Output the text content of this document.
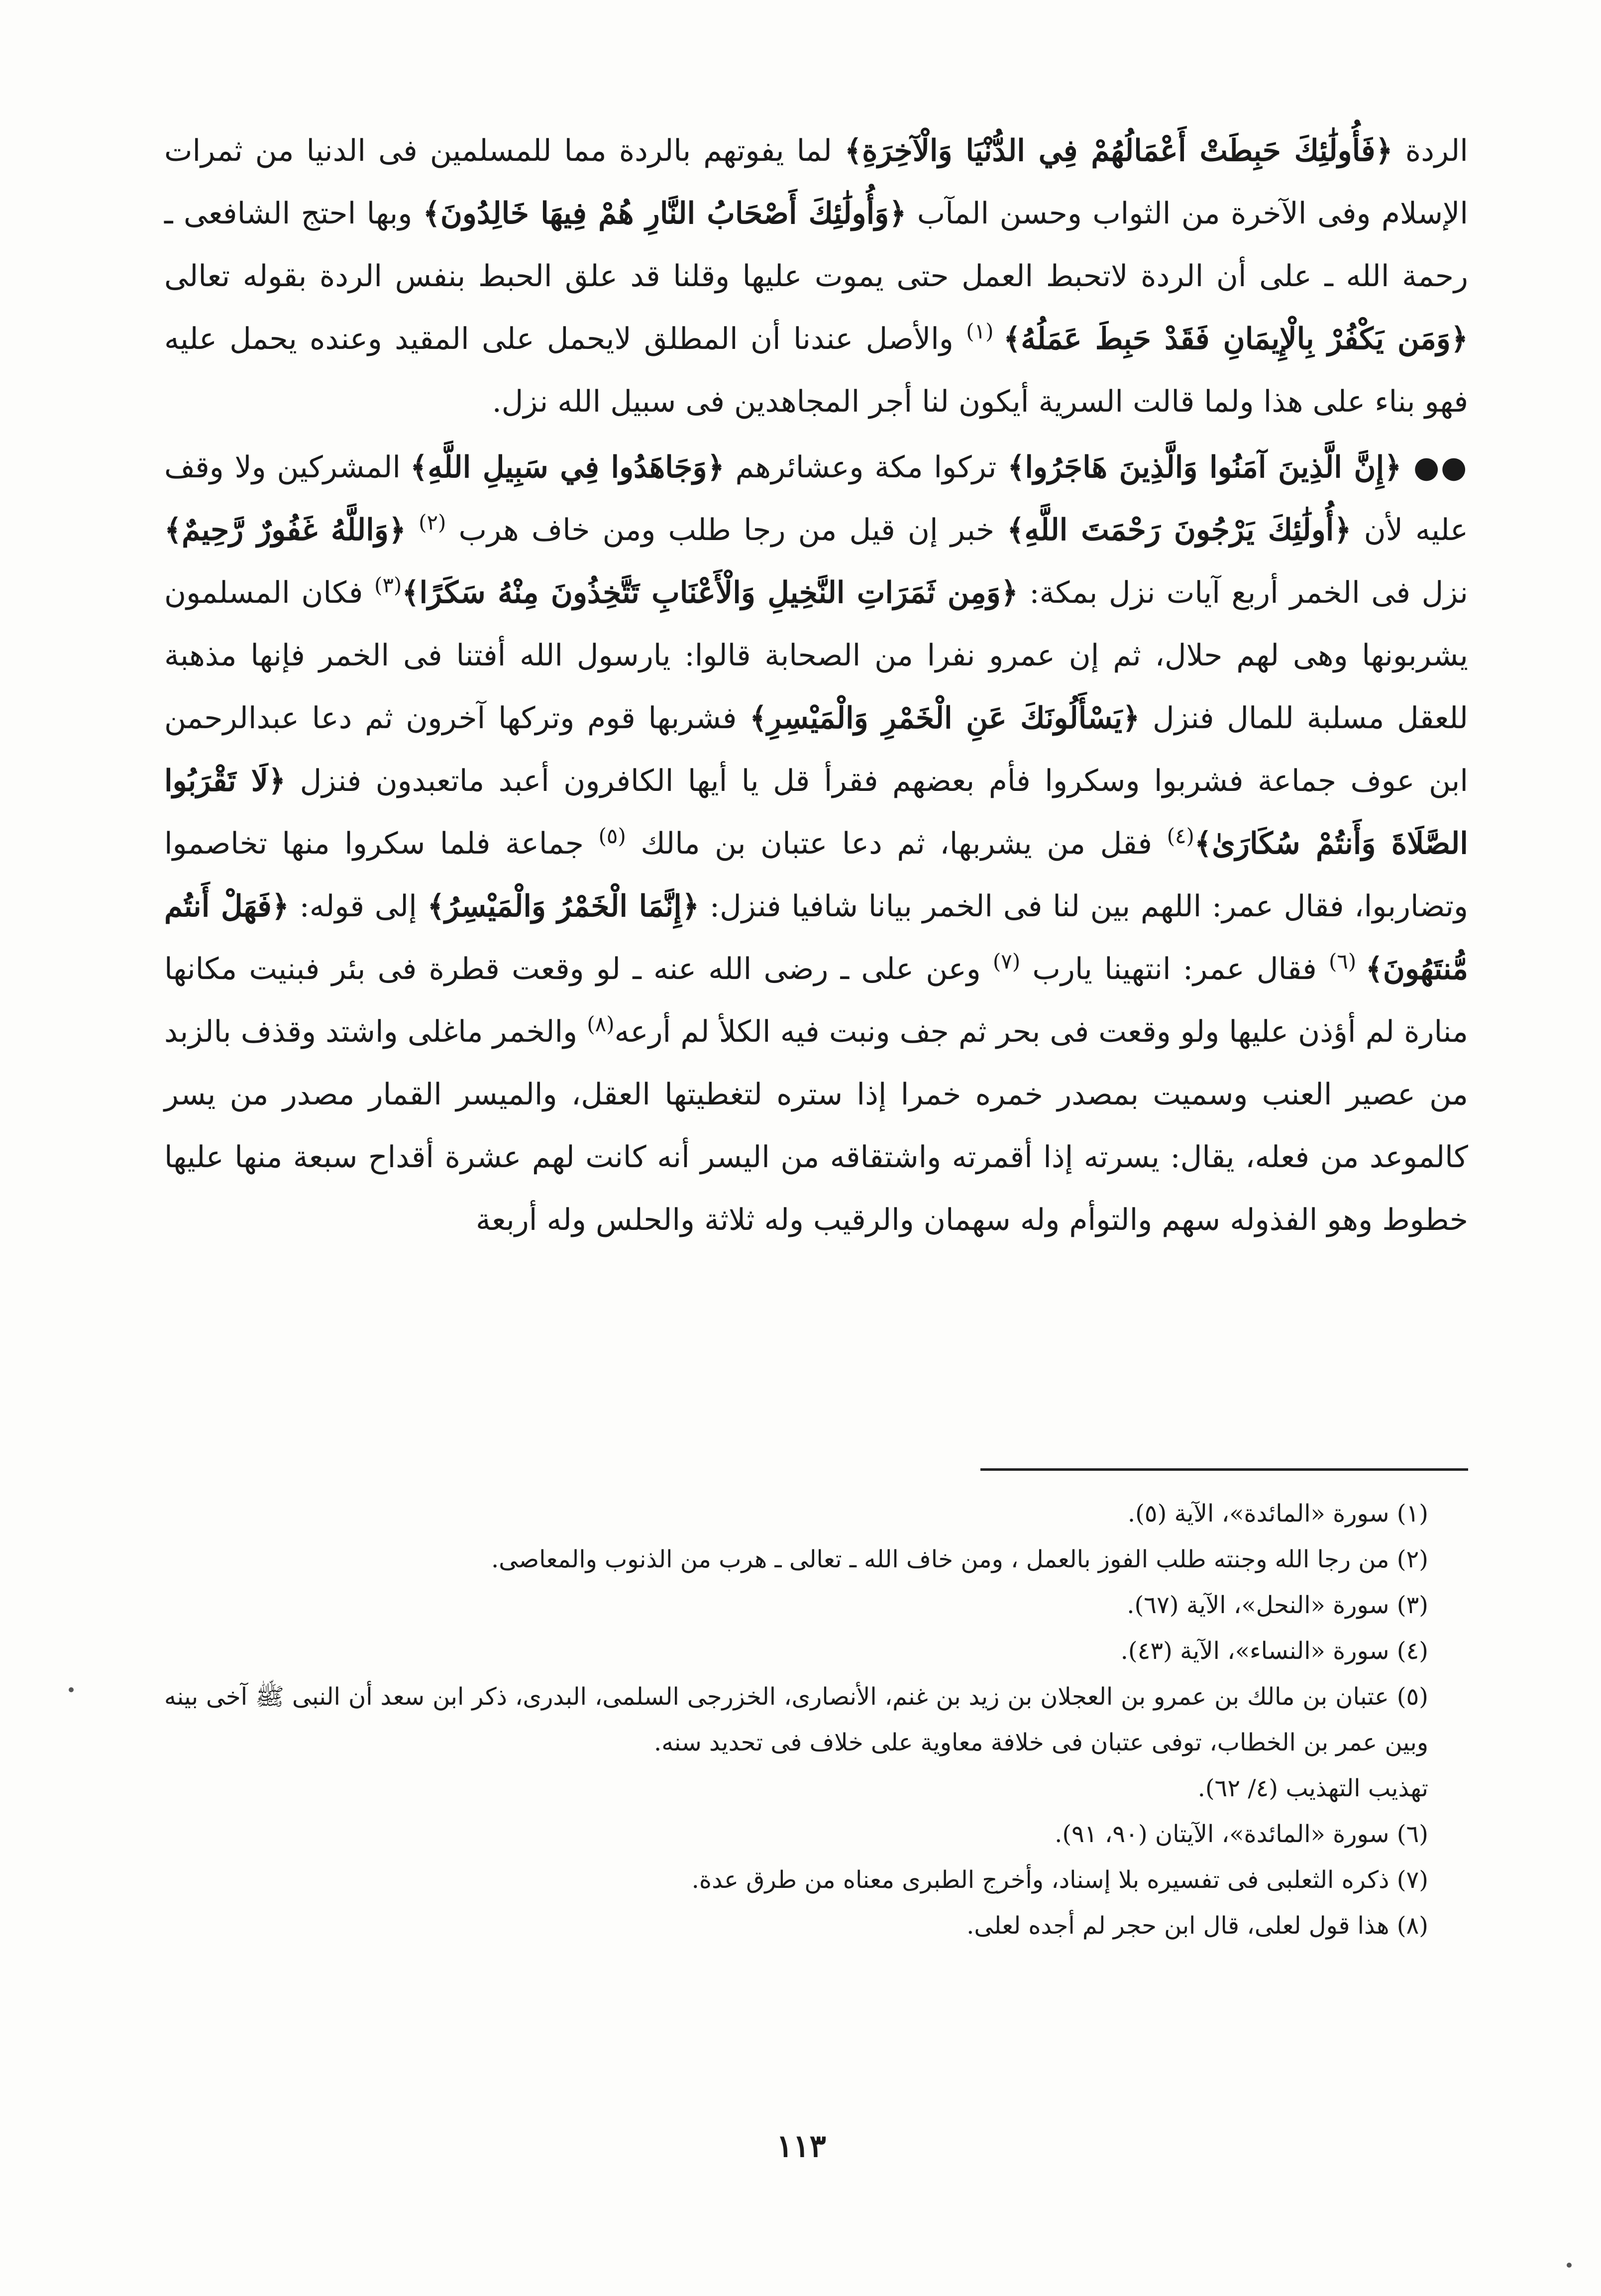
الردة ﴿فَأُولَٰئِكَ حَبِطَتْ أَعْمَالُهُمْ فِي الدُّنْيَا وَالْآخِرَةِ﴾ لما يفوتهم بالردة مما للمسلمين فى الدنيا من ثمرات الإسلام وفى الآخرة من الثواب وحسن المآب ﴿وَأُولَٰئِكَ أَصْحَابُ النَّارِ هُمْ فِيهَا خَالِدُونَ﴾ وبها احتج الشافعى ـ رحمة الله ـ على أن الردة لاتحبط العمل حتى يموت عليها وقلنا قد علق الحبط بنفس الردة بقوله تعالى ﴿وَمَن يَكْفُرْ بِالْإِيمَانِ فَقَدْ حَبِطَ عَمَلُهُ﴾ $^{(١)}$ والأصل عندنا أن المطلق لايحمل على المقيد وعنده يحمل عليه فهو بناء على هذا ولما قالت السرية أيكون لنا أجر المجاهدين فى سبيل الله نزل.

●● ﴿إِنَّ الَّذِينَ آمَنُوا وَالَّذِينَ هَاجَرُوا﴾ تركوا مكة وعشائرهم ﴿وَجَاهَدُوا فِي سَبِيلِ اللَّهِ﴾ المشركين ولا وقف عليه لأن ﴿أُولَٰئِكَ يَرْجُونَ رَحْمَتَ اللَّهِ﴾ خبر إن قيل من رجا طلب ومن خاف هرب $^{(٢)}$ ﴿وَاللَّهُ غَفُورٌ رَّحِيمٌ﴾ نزل فى الخمر أربع آيات نزل بمكة: ﴿وَمِن ثَمَرَاتِ النَّخِيلِ وَالْأَعْنَابِ تَتَّخِذُونَ مِنْهُ سَكَرًا﴾$^{(٣)}$ فكان المسلمون يشربونها وهى لهم حلال، ثم إن عمرو نفرا من الصحابة قالوا: يارسول الله أفتنا فى الخمر فإنها مذهبة للعقل مسلبة للمال فنزل ﴿يَسْأَلُونَكَ عَنِ الْخَمْرِ وَالْمَيْسِرِ﴾ فشربها قوم وتركها آخرون ثم دعا عبدالرحمن ابن عوف جماعة فشربوا وسكروا فأم بعضهم فقرأ قل يا أيها الكافرون أعبد ماتعبدون فنزل ﴿لَا تَقْرَبُوا الصَّلَاةَ وَأَنتُمْ سُكَارَىٰ﴾$^{(٤)}$ فقل من يشربها، ثم دعا عتبان بن مالك $^{(٥)}$ جماعة فلما سكروا منها تخاصموا وتضاربوا، فقال عمر: اللهم بين لنا فى الخمر بيانا شافيا فنزل: ﴿إِنَّمَا الْخَمْرُ وَالْمَيْسِرُ﴾ إلى قوله: ﴿فَهَلْ أَنتُم مُّنتَهُونَ﴾ $^{(٦)}$ فقال عمر: انتهينا يارب $^{(٧)}$ وعن على ـ رضى الله عنه ـ لو وقعت قطرة فى بئر فبنيت مكانها منارة لم أؤذن عليها ولو وقعت فى بحر ثم جف ونبت فيه الكلأ لم أرعه$^{(٨)}$ والخمر ماغلى واشتد وقذف بالزبد من عصير العنب وسميت بمصدر خمره خمرا إذا ستره لتغطيتها العقل، والميسر القمار مصدر من يسر كالموعد من فعله، يقال: يسرته إذا أقمرته واشتقاقه من اليسر أنه كانت لهم عشرة أقداح سبعة منها عليها خطوط وهو الفذوله سهم والتوأم وله سهمان والرقيب وله ثلاثة والحلس وله أربعة

(١) سورة «المائدة»، الآية (٥).

(٢) من رجا الله وجنته طلب الفوز بالعمل ، ومن خاف الله ـ تعالى ـ هرب من الذنوب والمعاصى.

(٣) سورة «النحل»، الآية (٦٧).

(٤) سورة «النساء»، الآية (٤٣).

(٥) عتبان بن مالك بن عمرو بن العجلان بن زيد بن غنم، الأنصارى، الخزرجى السلمى، البدرى، ذكر ابن سعد أن النبى ﷺ آخى بينه وبين عمر بن الخطاب، توفى عتبان فى خلافة معاوية على خلاف فى تحديد سنه.

تهذيب التهذيب (٤/ ٦٢).

(٦) سورة «المائدة»، الآيتان (٩٠، ٩١).

(٧) ذكره الثعلبى فى تفسيره بلا إسناد، وأخرج الطبرى معناه من طرق عدة.

(٨) هذا قول لعلى، قال ابن حجر لم أجده لعلى.

١١٣
